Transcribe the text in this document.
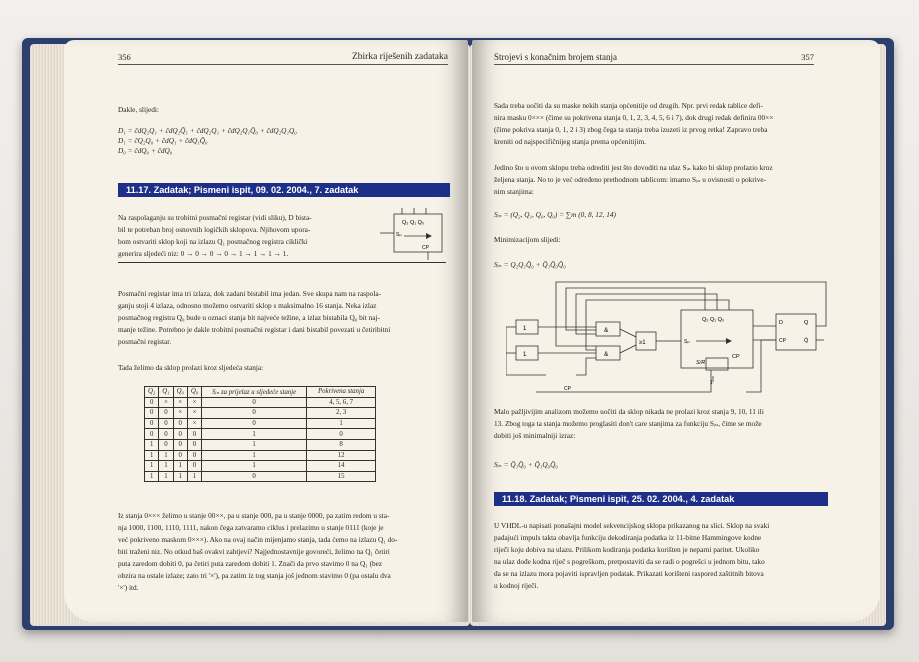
356	Zbirka riješenih zadataka
Dakle, slijedi:
D₁ = ĉdQ₂Q₁ + ĉdQ₂Q̄₁ + ĉdQ₂Q₁ + ĉdQ₂Q₁Q̄₀ + ĉdQ₂Q₁Q₀
D₁ = ĉQ₂Q₀ + ĉdQ₁ + ĉdQ₁Q̄₀
D₀ = ĉdQ₀ + ĉdQ₀
11.17. Zadatak; Pismeni ispit, 09. 02. 2004., 7. zadatak
Na raspolaganju su trobitni posmačni registar (vidi sliku), D bista-
bil te potreban broj osnovnih logičkih sklopova. Njihovom upora-
bom ostvariti sklop koji na izlazu Q₁ posmačnog registra ciklički
generira sljedeći niz: 0 → 0 → 0 → 0 → 1 → 1 → 1 → 1.
Q₂ Q₁ Q₀
Sᵢₙ
CP
Posmačni registar ima tri izlaza, dok zadani bistabil ima jedan. Sve skupa nam na raspola-
ganju stoji 4 izlaza, odnosno možemo ostvariti sklop s maksimalno 16 stanja. Neka izlaz
posmačnog registra Q₀ bude u oznaci stanja bit najveće težine, a izlaz bistabila Q₀ bit naj-
manje težine. Potrebno je dakle trobitni posmačni registar i dani bistabil povezati u četiribitni
posmačni registar.
Tada želimo da sklop prolazi kroz sljedeća stanja:
Q₂	Q₁	Q₀	Q₀	Sᵢₙ za prijelaz u sljedeće stanje	Pokrivena stanja
0	×	×	×	0	4, 5, 6, 7
0	0	×	×	0	2, 3
0	0	0	×	0	1
0	0	0	0	1	0
1	0	0	0	1	8
1	1	0	0	1	12
1	1	1	0	1	14
1	1	1	1	0	15
Iz stanja 0××× želimo u stanje 00××, pa u stanje 000, pa u stanje 0000, pa zatim redom u sta-
nja 1000, 1100, 1110, 1111, nakon čega zatvaramo ciklus i prelazimo u stanje 0111 (koje je
već pokriveno maskom 0×××). Ako na ovaj način mijenjamo stanja, tada ćemo na izlazu Q₁ do-
biti traženi niz. No otkud baš ovakvi zahtjevi? Najjednostavnije govoreći, želimo na Q₁ četiri
puta zaredom dobiti 0, pa četiri puta zaredom dobiti 1. Znači da prvo stavimo 0 na Q₁ (bez
obzira na ostale izlaze; zato tri '×'), pa zatim iz tog stanja još jednom stavimo 0 (pa ostalu dva
'×') itd.
Strojevi s konačnim brojem stanja	357
Sada treba uočiti da su maske nekih stanja općenitije od drugih. Npr. prvi redak tablice defi-
nira masku 0××× (čime su pokrivena stanja 0, 1, 2, 3, 4, 5, 6 i 7), dok drugi redak definira 00××
(čime pokriva stanja 0, 1, 2 i 3) zbog čega ta stanja treba izuzeti iz prvog retka! Zapravo treba
kreniti od najspecifičnijeg stanja prema općenitijim.
Jedino što u ovom sklopu treba odrediti jest što dovoditi na ulaz Sᵢₙ kako bi sklop prolazio kroz
željena stanja. No to je već određeno prethodnom tablicom: imamo Sᵢₙ u ovisnosti o pokrive-
nim stanjima:
Sᵢₙ = (Q₂, Q₁, Q₀, Q₀) = ∑m (0, 8, 12, 14)
Minimizacijom slijedi:
Sᵢₙ = Q₂Q₁Q̄₀ + Q̄₁Q̄₀Q̄₀
1
1
&
&
≥1
Q₂ Q₁ Q₀
Sᵢₙ
S/R
CP
D	Q
CP	Q̄
1
CP
Malo pažljivijim analizom možemo uočiti da sklop nikada ne prolazi kroz stanja 9, 10, 11 ili
13. Zbog toga ta stanja možemo proglasiti don't care stanjima za funkciju Sᵢₙ, čime se može
dobiti još minimalniji izraz:
Sᵢₙ = Q̄₁Q̄₀ + Q̄₁Q₀Q̄₀
11.18. Zadatak; Pismeni ispit, 25. 02. 2004., 4. zadatak
U VHDL-u napisati ponašajni model sekvencijskog sklopa prikazanog na slici. Sklop na svaki
padajući impuls takta obavlja funkciju dekodiranja podatka iz 11-bitne Hammingove kodne
riječi koju dobiva na ulazu. Prilikom kodiranja podatka korišten je neparni paritet. Ukoliko
na ulaz dođe kodna riječ s pogreškom, pretpostaviti da se radi o pogrešci u jednom bitu, tako
da se na izlazu mora pojaviti ispravljen podatak. Prikazati korišteni raspored zaštitnih bitova
u kodnoj riječi.
